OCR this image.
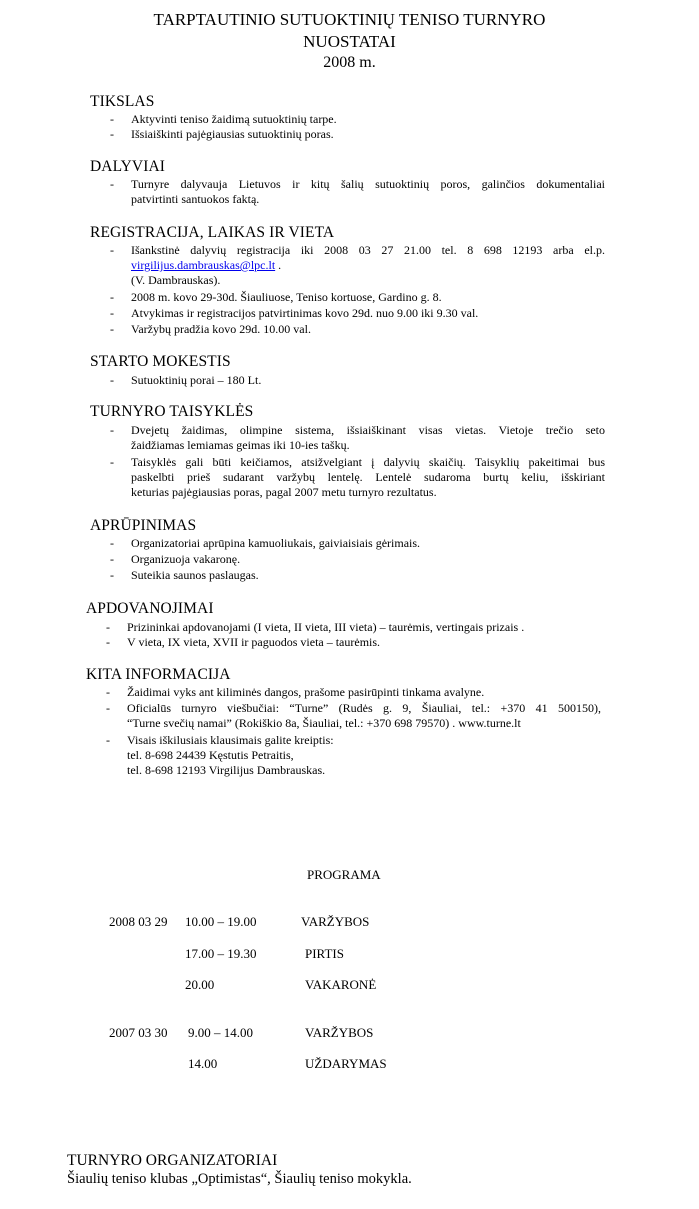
TARPTAUTINIO SUTUOKTINIŲ TENISO TURNYRO
NUOSTATAI
2008 m.
TIKSLAS
- Aktyvinti teniso žaidimą sutuoktinių tarpe.
- Išsiaiškinti pajėgiausias sutuoktinių poras.
DALYVIAI
- Turnyre dalyvauja Lietuvos ir kitų šalių sutuoktinių poros, galinčios dokumentaliai
patvirtinti santuokos faktą.
REGISTRACIJA, LAIKAS IR VIETA
- Išankstinė dalyvių registracija iki 2008 03 27 21.00 tel. 8 698 12193 arba el.p.
virgilijus.dambrauskas@lpc.lt .
(V. Dambrauskas).
- 2008 m. kovo 29-30d. Šiauliuose, Teniso kortuose, Gardino g. 8.
- Atvykimas ir registracijos patvirtinimas kovo 29d. nuo 9.00 iki 9.30 val.
- Varžybų pradžia kovo 29d. 10.00 val.
STARTO MOKESTIS
- Sutuoktinių porai – 180 Lt.
TURNYRO TAISYKLĖS
- Dvejetų žaidimas, olimpine sistema, išsiaiškinant visas vietas. Vietoje trečio seto
žaidžiamas lemiamas geimas iki 10-ies taškų.
- Taisyklės gali būti keičiamos, atsižvelgiant į dalyvių skaičių. Taisyklių pakeitimai bus
paskelbti prieš sudarant varžybų lentelę. Lentelė sudaroma burtų keliu, išskiriant
keturias pajėgiausias poras, pagal 2007 metu turnyro rezultatus.
APRŪPINIMAS
- Organizatoriai aprūpina kamuoliukais, gaiviaisiais gėrimais.
- Organizuoja vakaronę.
- Suteikia saunos paslaugas.
APDOVANOJIMAI
- Prizininkai apdovanojami (I vieta, II vieta, III vieta) – taurėmis, vertingais prizais .
- V vieta, IX vieta, XVII ir paguodos vieta – taurėmis.
KITA INFORMACIJA
- Žaidimai vyks ant kiliminės dangos, prašome pasirūpinti tinkama avalyne.
- Oficialūs turnyro viešbučiai: “Turne” (Rudės g. 9, Šiauliai, tel.: +370 41 500150),
“Turne svečių namai” (Rokiškio 8a, Šiauliai, tel.: +370 698 79570) . www.turne.lt
- Visais iškilusiais klausimais galite kreiptis:
tel. 8-698 24439 Kęstutis Petraitis,
tel. 8-698 12193 Virgilijus Dambrauskas.
PROGRAMA
2008 03 29 10.00 – 19.00	VARŽYBOS
17.00 – 19.30	PIRTIS
20.00	VAKARONĖ
2007 03 30 9.00 – 14.00	VARŽYBOS
14.00	UŽDARYMAS
TURNYRO ORGANIZATORIAI
Šiaulių teniso klubas „Optimistas“, Šiaulių teniso mokykla.
